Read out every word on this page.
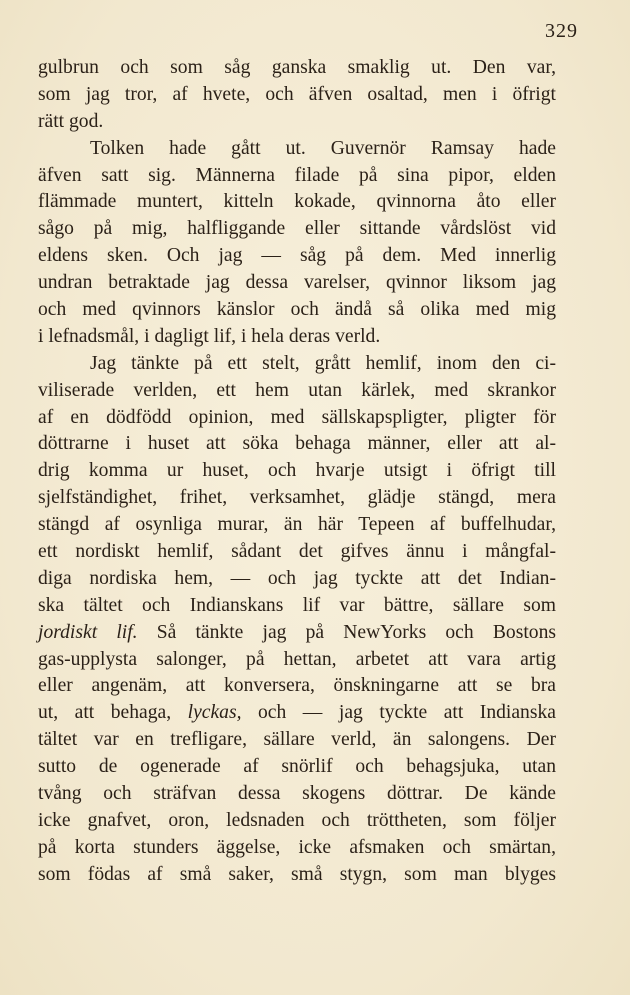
329
gulbrun och som såg ganska smaklig ut. Den var,
som jag tror, af hvete, och äfven osaltad, men i öfrigt
rätt god.
Tolken hade gått ut. Guvernör Ramsay hade
äfven satt sig. Männerna filade på sina pipor, elden
flämmade muntert, kitteln kokade, qvinnorna åto eller
sågo på mig, halfliggande eller sittande vårdslöst vid
eldens sken. Och jag — såg på dem. Med innerlig
undran betraktade jag dessa varelser, qvinnor liksom jag
och med qvinnors känslor och ändå så olika med mig
i lefnadsmål, i dagligt lif, i hela deras verld.
Jag tänkte på ett stelt, grått hemlif, inom den ci-
viliserade verlden, ett hem utan kärlek, med skrankor
af en dödfödd opinion, med sällskapspligter, pligter för
döttrarne i huset att söka behaga männer, eller att al-
drig komma ur huset, och hvarje utsigt i öfrigt till
sjelfständighet, frihet, verksamhet, glädje stängd, mera
stängd af osynliga murar, än här Tepeen af buffelhudar,
ett nordiskt hemlif, sådant det gifves ännu i mångfal-
diga nordiska hem, — och jag tyckte att det Indian-
ska tältet och Indianskans lif var bättre, sällare som
jordiskt lif. Så tänkte jag på NewYorks och Bostons
gas-upplysta salonger, på hettan, arbetet att vara artig
eller angenäm, att konversera, önskningarne att se bra
ut, att behaga, lyckas, och — jag tyckte att Indianska
tältet var en trefligare, sällare verld, än salongens. Der
sutto de ogenerade af snörlif och behagsjuka, utan
tvång och sträfvan dessa skogens döttrar. De kände
icke gnafvet, oron, ledsnaden och tröttheten, som följer
på korta stunders äggelse, icke afsmaken och smärtan,
som födas af små saker, små stygn, som man blyges
